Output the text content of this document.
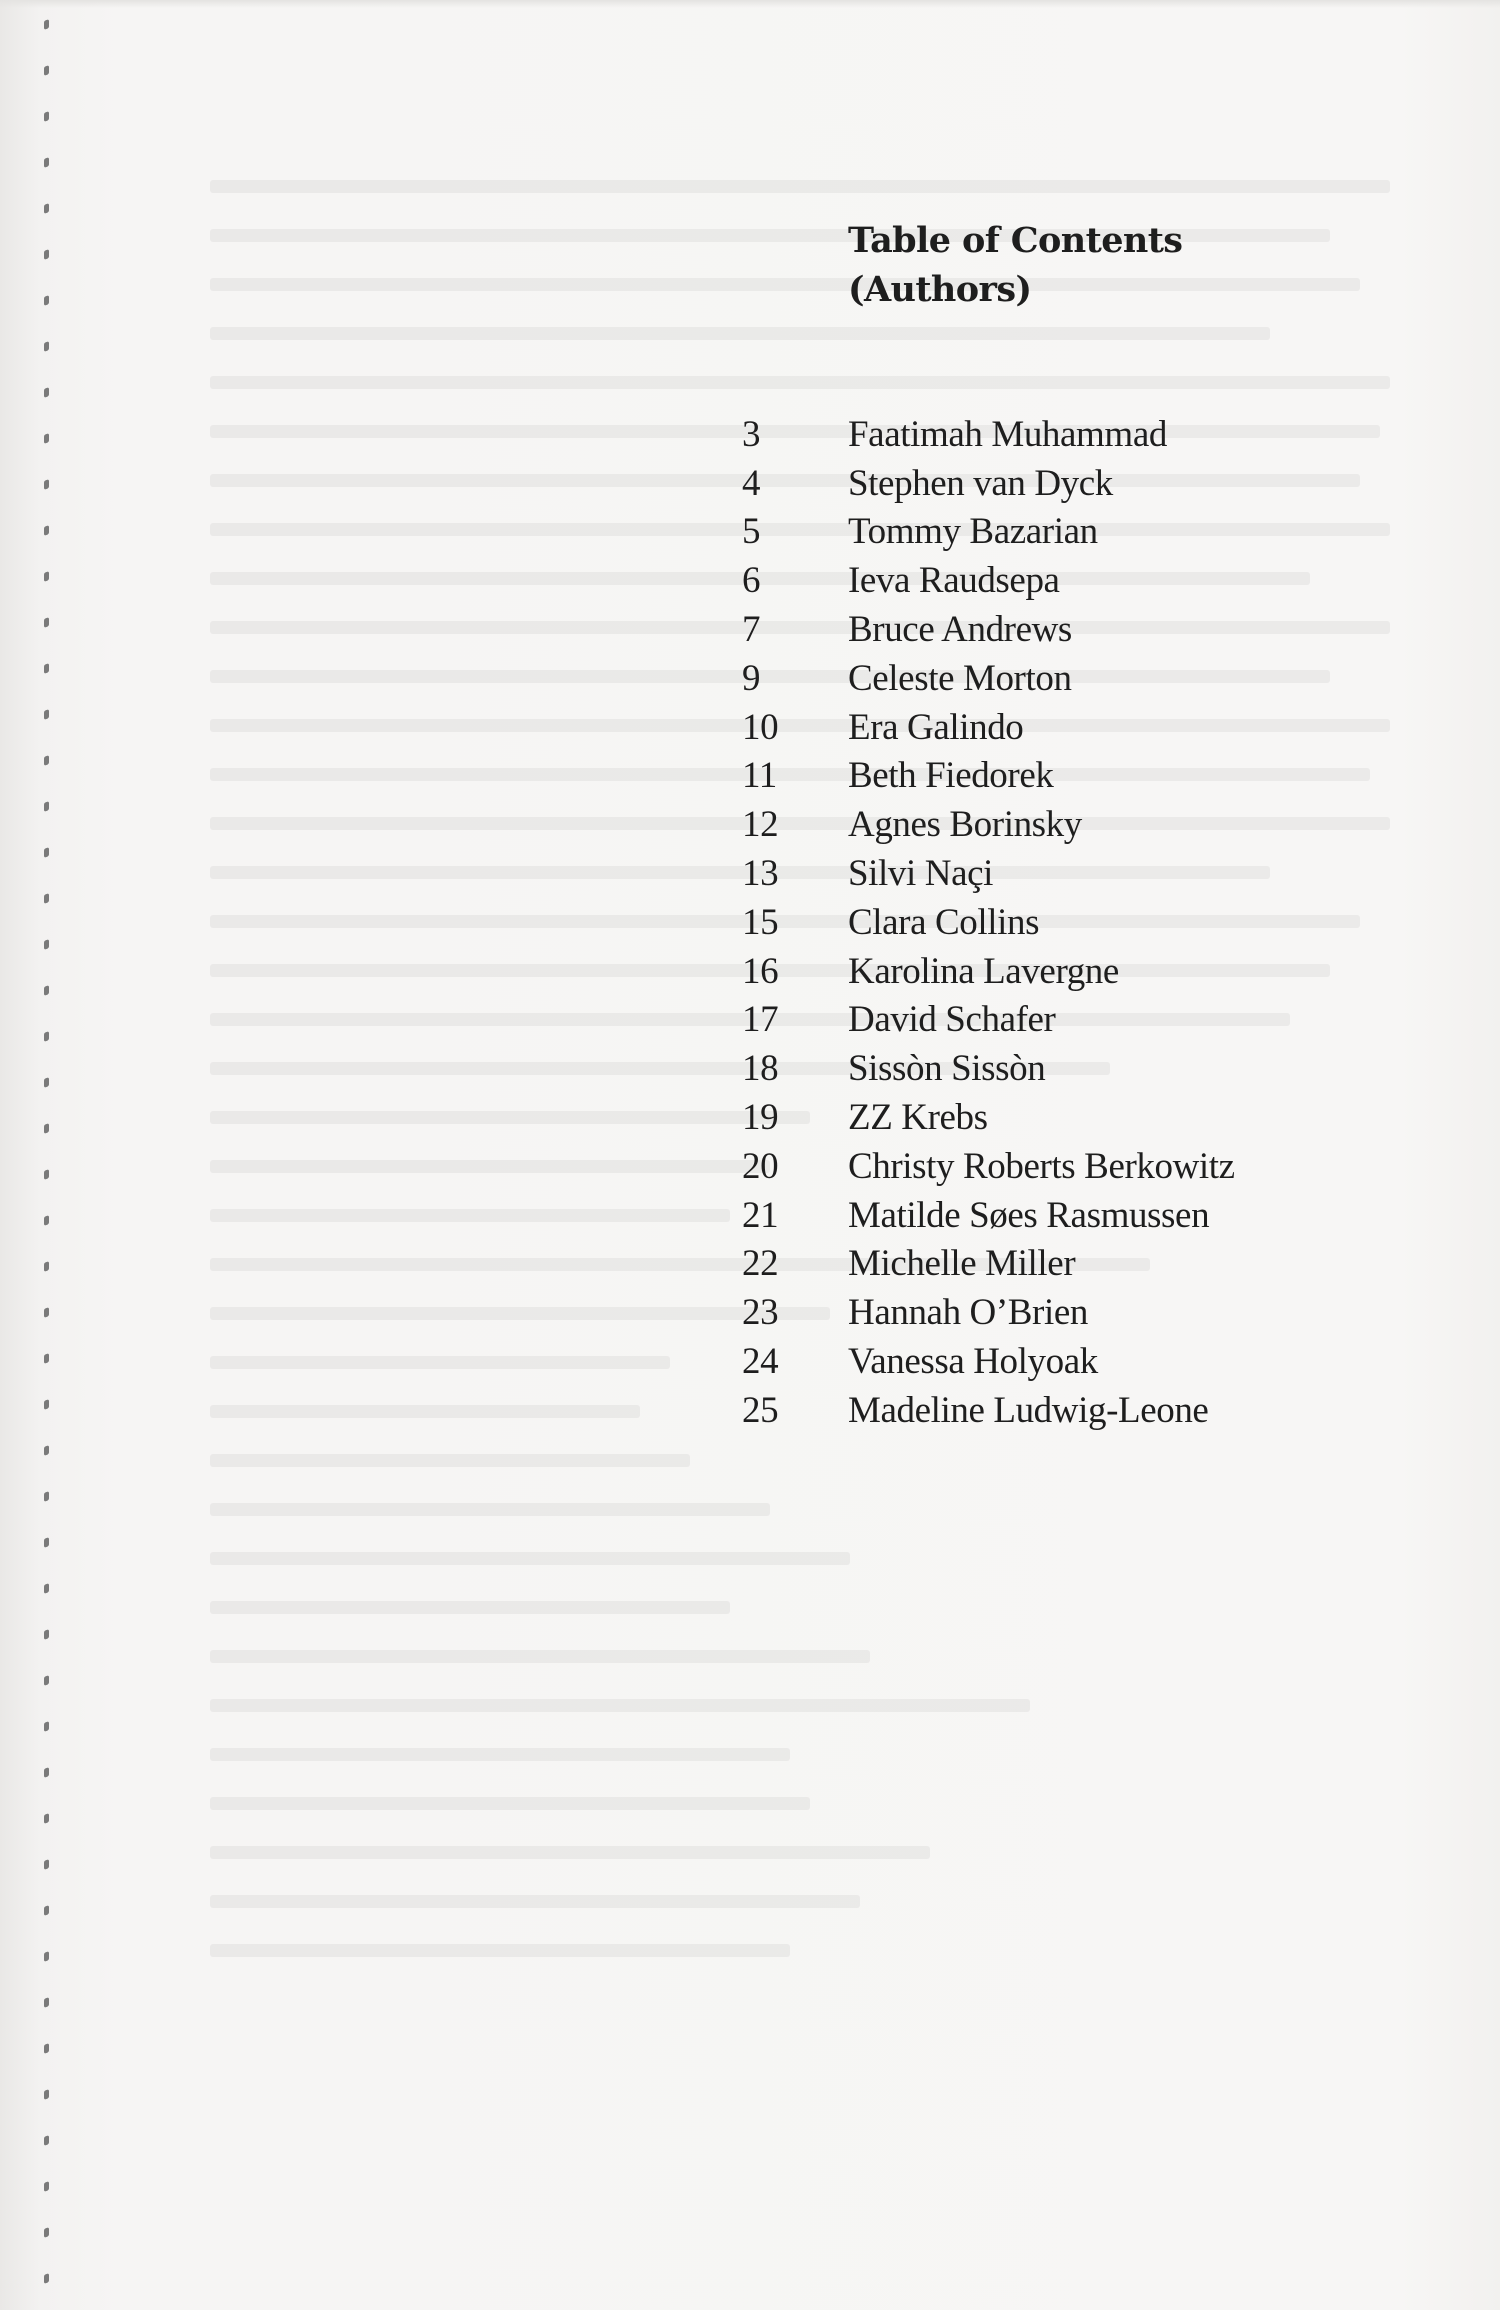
Table of Contents
(Authors)
3	Faatimah Muhammad
4	Stephen van Dyck
5	Tommy Bazarian
6	Ieva Raudsepa
7	Bruce Andrews
9	Celeste Morton
10	Era Galindo
11	Beth Fiedorek
12	Agnes Borinsky
13	Silvi Naçi
15	Clara Collins
16	Karolina Lavergne
17	David Schafer
18	Sissòn Sissòn
19	ZZ Krebs
20	Christy Roberts Berkowitz
21	Matilde Søes Rasmussen
22	Michelle Miller
23	Hannah O’Brien
24	Vanessa Holyoak
25	Madeline Ludwig-Leone
